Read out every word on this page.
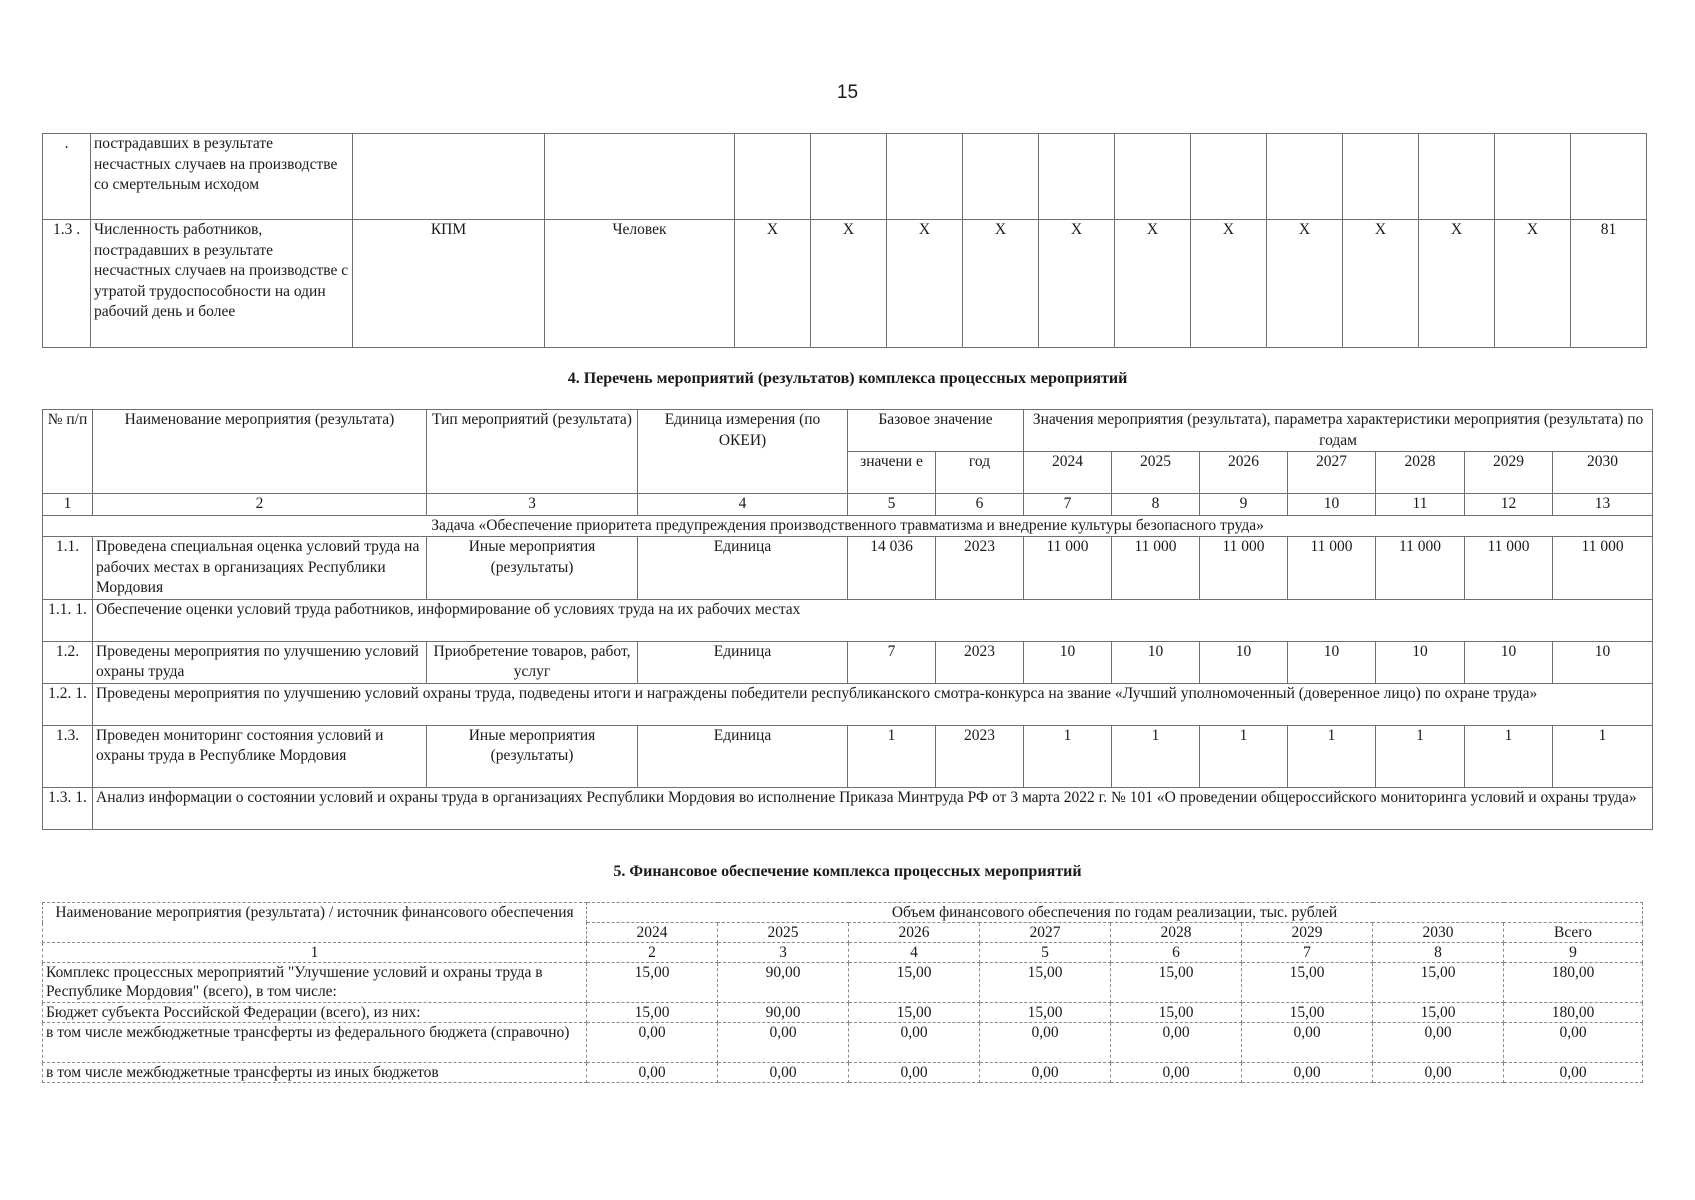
15
.	пострадавших в результате несчастных случаев на производстве со смертельным исходом														
1.3 .	Численность работников, пострадавших в результате несчастных случаев на производстве с утратой трудоспособности на один рабочий день и более	КПМ	Человек	Х	Х	Х	Х	Х	Х	Х	Х	Х	Х	Х	81
4. Перечень мероприятий (результатов) комплекса процессных мероприятий
№ п/п	Наименование мероприятия (результата)	Тип мероприятий (результата)	Единица измерения (по ОКЕИ)	Базовое значение		Значения мероприятия (результата), параметра характеристики мероприятия (результата) по годам						
				значени е	год	2024	2025	2026	2027	2028	2029	2030
1	2	3	4	5	6	7	8	9	10	11	12	13
Задача «Обеспечение приоритета предупреждения производственного травматизма и внедрение культуры безопасного труда»												
1.1.	Проведена специальная оценка условий труда на рабочих местах в организациях Республики Мордовия	Иные мероприятия (результаты)	Единица	14 036	2023	11 000	11 000	11 000	11 000	11 000	11 000	11 000
1.1. 1.	Обеспечение оценки условий труда работников, информирование об условиях труда на их рабочих местах											
1.2.	Проведены мероприятия по улучшению условий охраны труда	Приобретение товаров, работ, услуг	Единица	7	2023	10	10	10	10	10	10	10
1.2. 1.	Проведены мероприятия по улучшению условий охраны труда, подведены итоги и награждены победители республиканского смотра-конкурса на звание «Лучший уполномоченный (доверенное лицо) по охране труда»											
1.3.	Проведен мониторинг состояния условий и охраны труда в Республике Мордовия	Иные мероприятия (результаты)	Единица	1	2023	1	1	1	1	1	1	1
1.3. 1.	Анализ информации о состоянии условий и охраны труда в организациях Республики Мордовия во исполнение Приказа Минтруда РФ от 3 марта 2022 г. № 101 «О проведении общероссийского мониторинга условий и охраны труда»											
5. Финансовое обеспечение комплекса процессных мероприятий
Наименование мероприятия (результата) / источник финансового обеспечения	Объем финансового обеспечения по годам реализации, тыс. рублей							
	2024	2025	2026	2027	2028	2029	2030	Всего
1	2	3	4	5	6	7	8	9
Комплекс процессных мероприятий "Улучшение условий и охраны труда в Республике Мордовия" (всего), в том числе:	15,00	90,00	15,00	15,00	15,00	15,00	15,00	180,00
Бюджет субъекта Российской Федерации (всего), из них:	15,00	90,00	15,00	15,00	15,00	15,00	15,00	180,00
в том числе межбюджетные трансферты из федерального бюджета (справочно)	0,00	0,00	0,00	0,00	0,00	0,00	0,00	0,00
в том числе межбюджетные трансферты из иных бюджетов	0,00	0,00	0,00	0,00	0,00	0,00	0,00	0,00
